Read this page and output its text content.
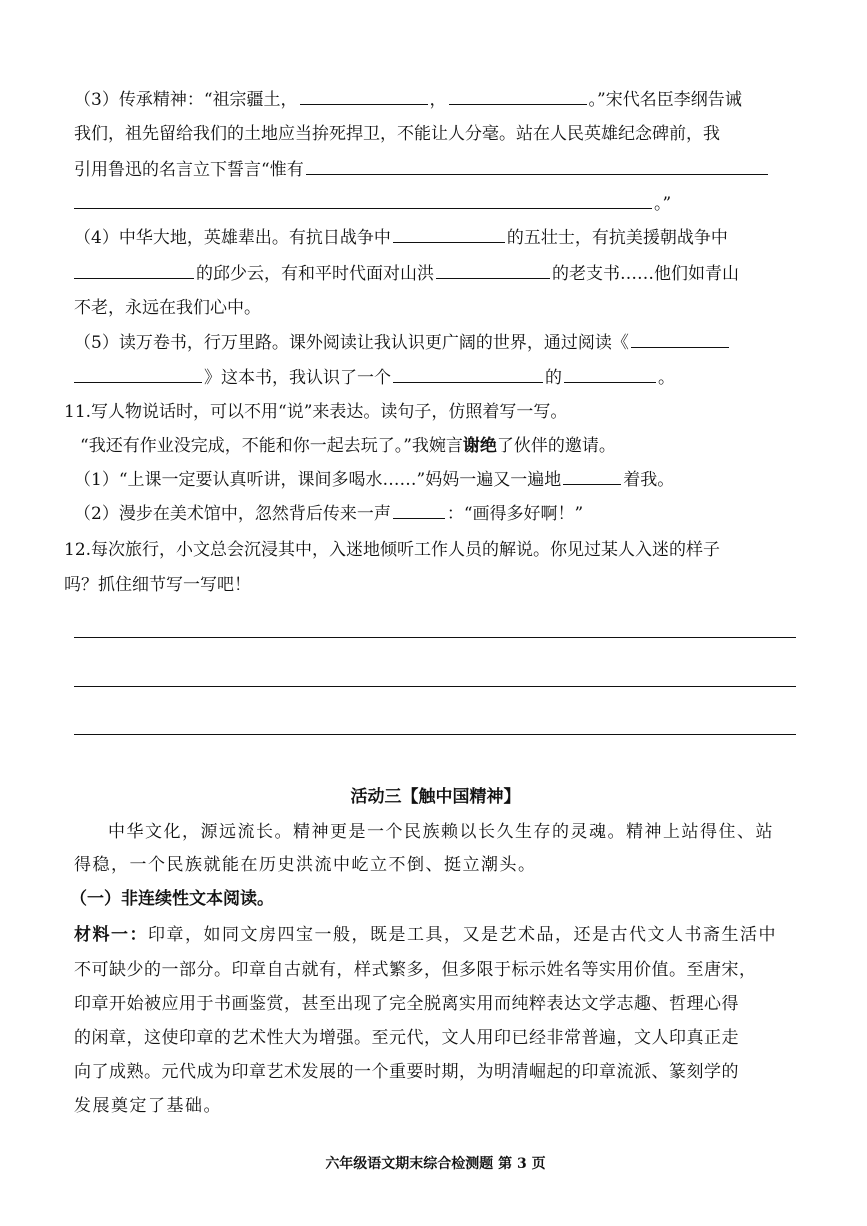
（3）传承精神：“祖宗疆土，	，	。”宋代名臣李纲告诫
我们，祖先留给我们的土地应当拚死捍卫，不能让人分毫。站在人民英雄纪念碑前，我
引用鲁迅的名言立下誓言“惟有
。”
（4）中华大地，英雄辈出。有抗日战争中	的五壮士，有抗美援朝战争中
的邱少云，有和平时代面对山洪	的老支书……他们如青山
不老，永远在我们心中。
（5）读万卷书，行万里路。课外阅读让我认识更广阔的世界，通过阅读《
》这本书，我认识了一个	的	。
11.写人物说话时，可以不用“说”来表达。读句子，仿照着写一写。
“我还有作业没完成，不能和你一起去玩了。”我婉言谢绝了伙伴的邀请。
（1）“上课一定要认真听讲，课间多喝水……”妈妈一遍又一遍地	着我。
（2）漫步在美术馆中，忽然背后传来一声	：“画得多好啊！”
12.每次旅行，小文总会沉浸其中，入迷地倾听工作人员的解说。你见过某人入迷的样子
吗？抓住细节写一写吧！
活动三【触中国精神】
中华文化，源远流长。精神更是一个民族赖以长久生存的灵魂。精神上站得住、站
得稳，一个民族就能在历史洪流中屹立不倒、挺立潮头。
（一）非连续性文本阅读。
材料一：印章，如同文房四宝一般，既是工具，又是艺术品，还是古代文人书斋生活中
不可缺少的一部分。印章自古就有，样式繁多，但多限于标示姓名等实用价值。至唐宋，
印章开始被应用于书画鉴赏，甚至出现了完全脱离实用而纯粹表达文学志趣、哲理心得
的闲章，这使印章的艺术性大为增强。至元代，文人用印已经非常普遍，文人印真正走
向了成熟。元代成为印章艺术发展的一个重要时期，为明清崛起的印章流派、篆刻学的
发展奠定了基础。
六年级语文期末综合检测题 第 3 页
